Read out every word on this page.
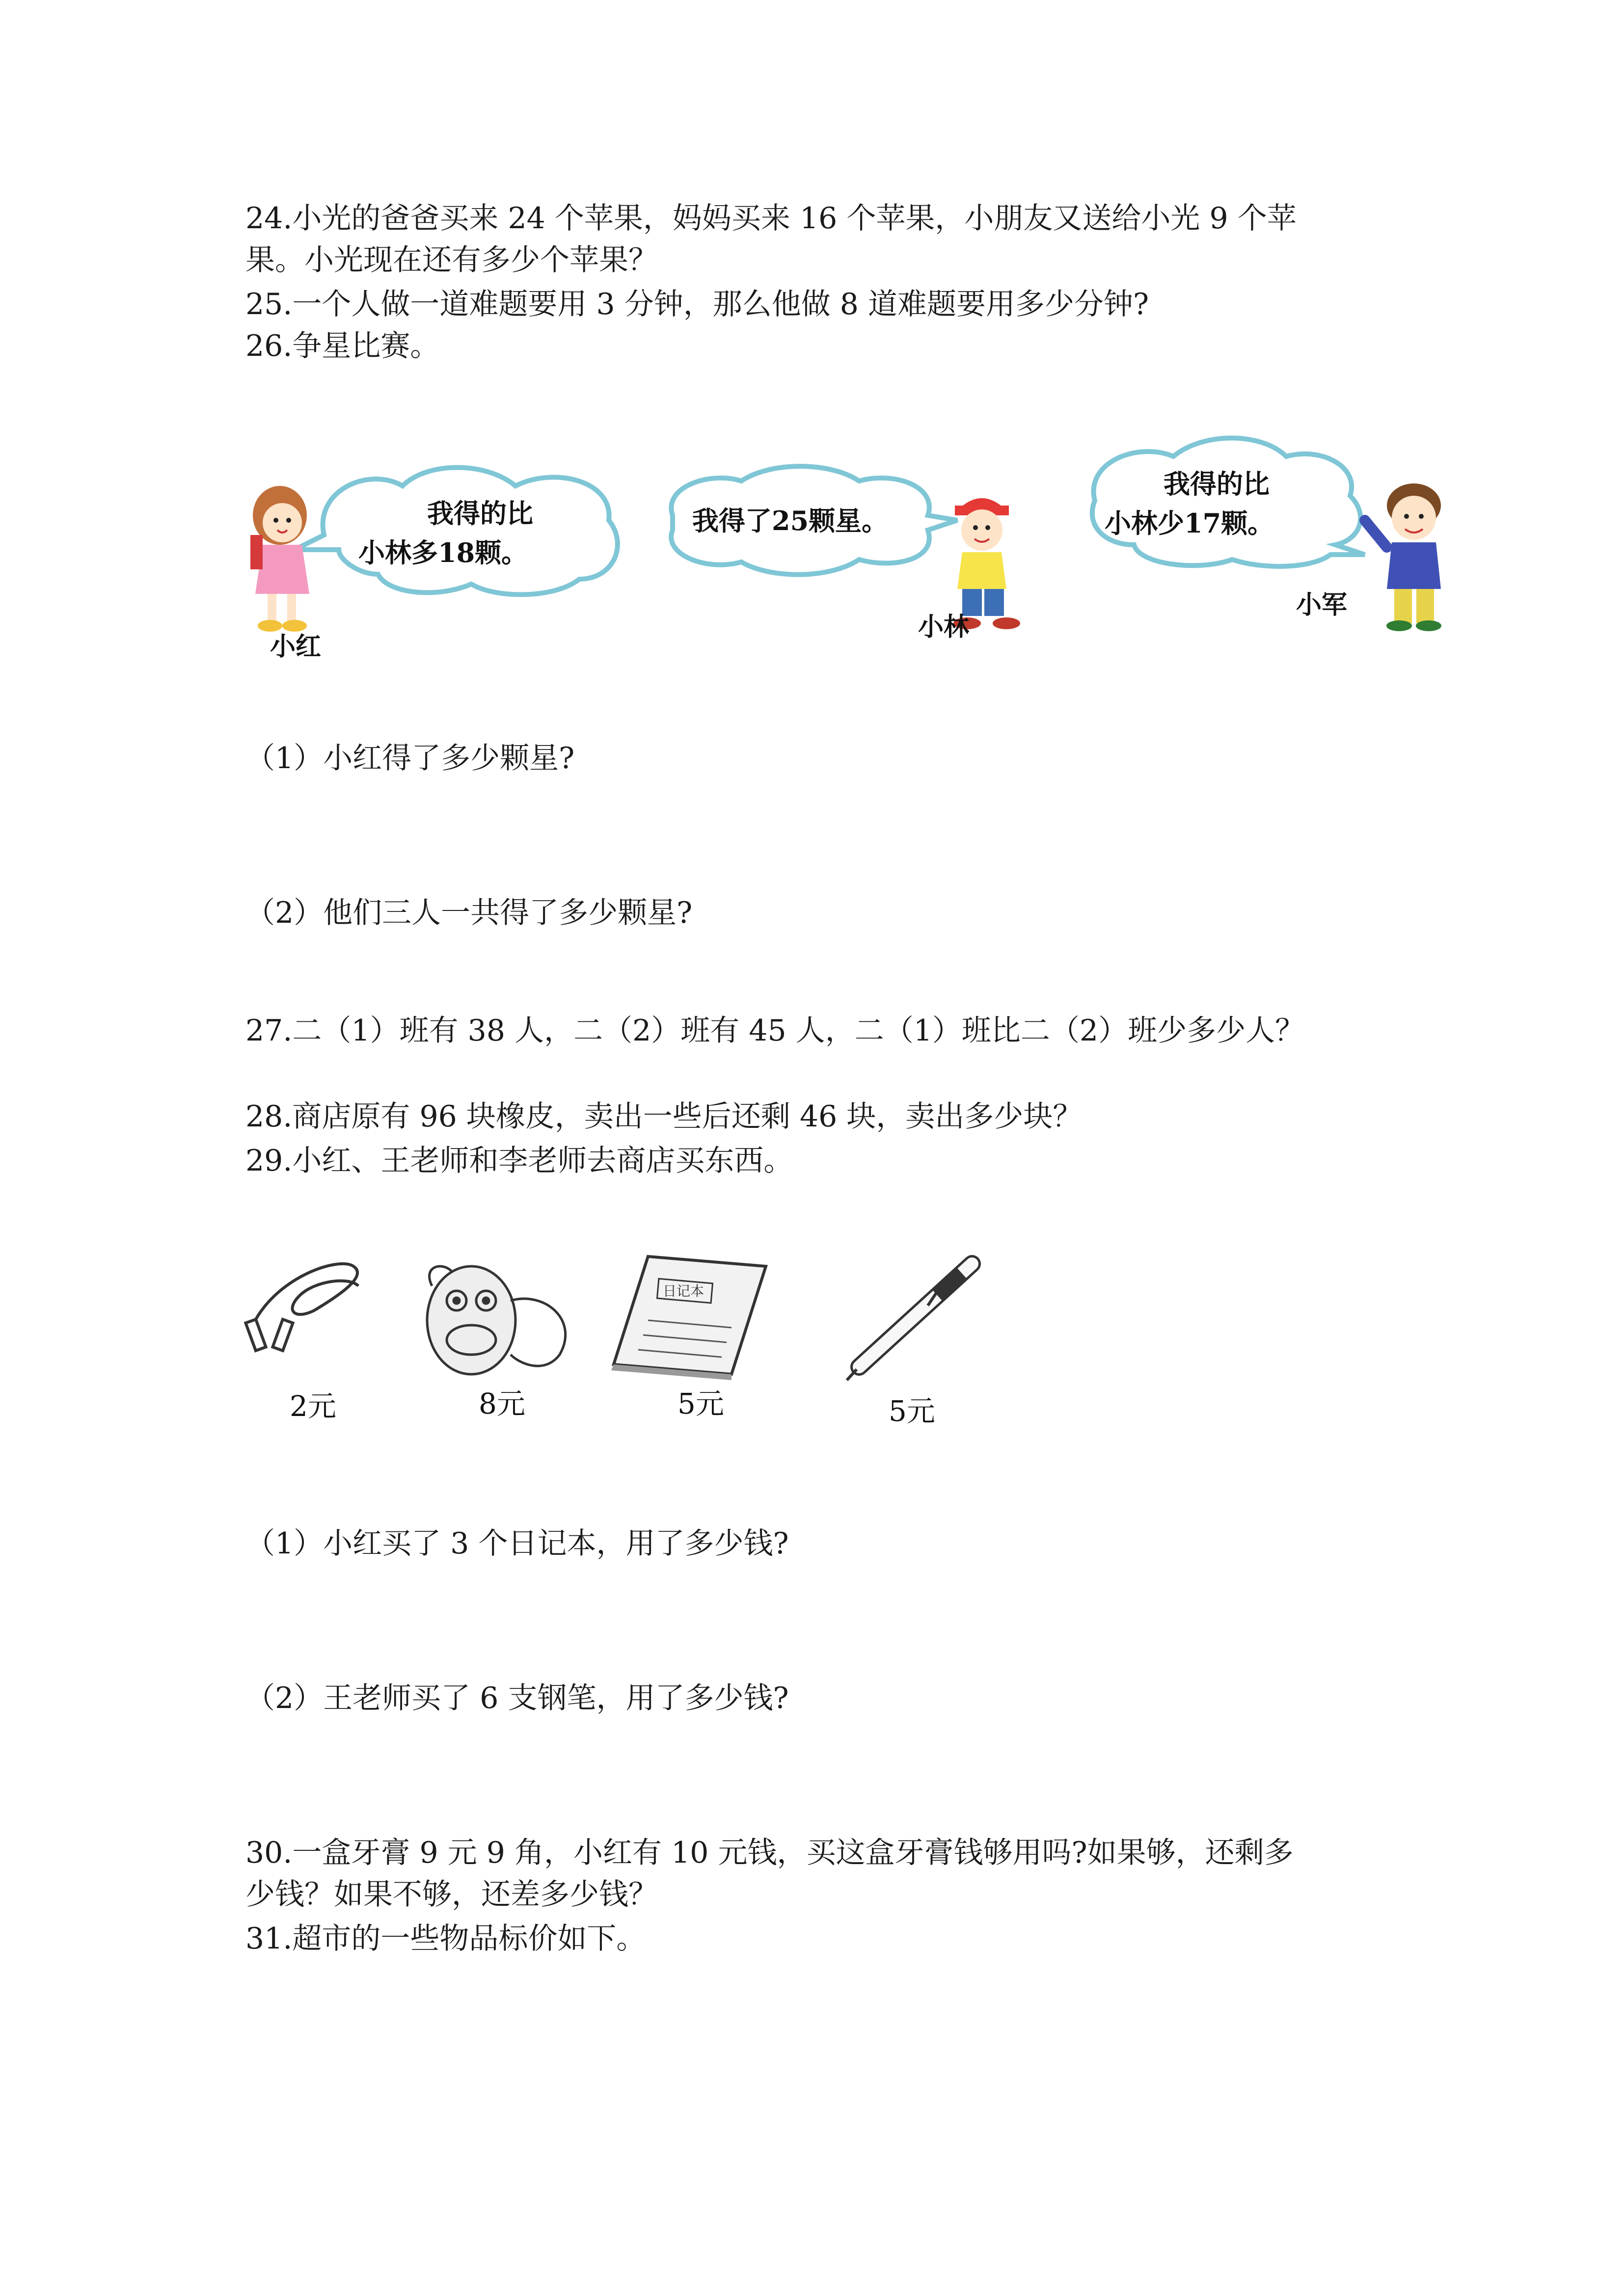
24.小光的爸爸买来 24 个苹果，妈妈买来 16 个苹果，小朋友又送给小光 9 个苹

果。小光现在还有多少个苹果？

25.一个人做一道难题要用 3 分钟，那么他做 8 道难题要用多少分钟?

26.争星比赛。

我得的比
小林多18颗。
小红
我得了25颗星。
小林
我得的比
小林少17颗。
小军

（1）小红得了多少颗星?

（2）他们三人一共得了多少颗星?

27.二（1）班有 38 人，二（2）班有 45 人，二（1）班比二（2）班少多少人？

28.商店原有 96 块橡皮，卖出一些后还剩 46 块，卖出多少块？

29.小红、王老师和李老师去商店买东西。

2元	8元
日记本
5元	5元

（1）小红买了 3 个日记本，用了多少钱?

（2）王老师买了 6 支钢笔，用了多少钱?

30.一盒牙膏 9 元 9 角，小红有 10 元钱，买这盒牙膏钱够用吗?如果够，还剩多

少钱？如果不够，还差多少钱？

31.超市的一些物品标价如下。
